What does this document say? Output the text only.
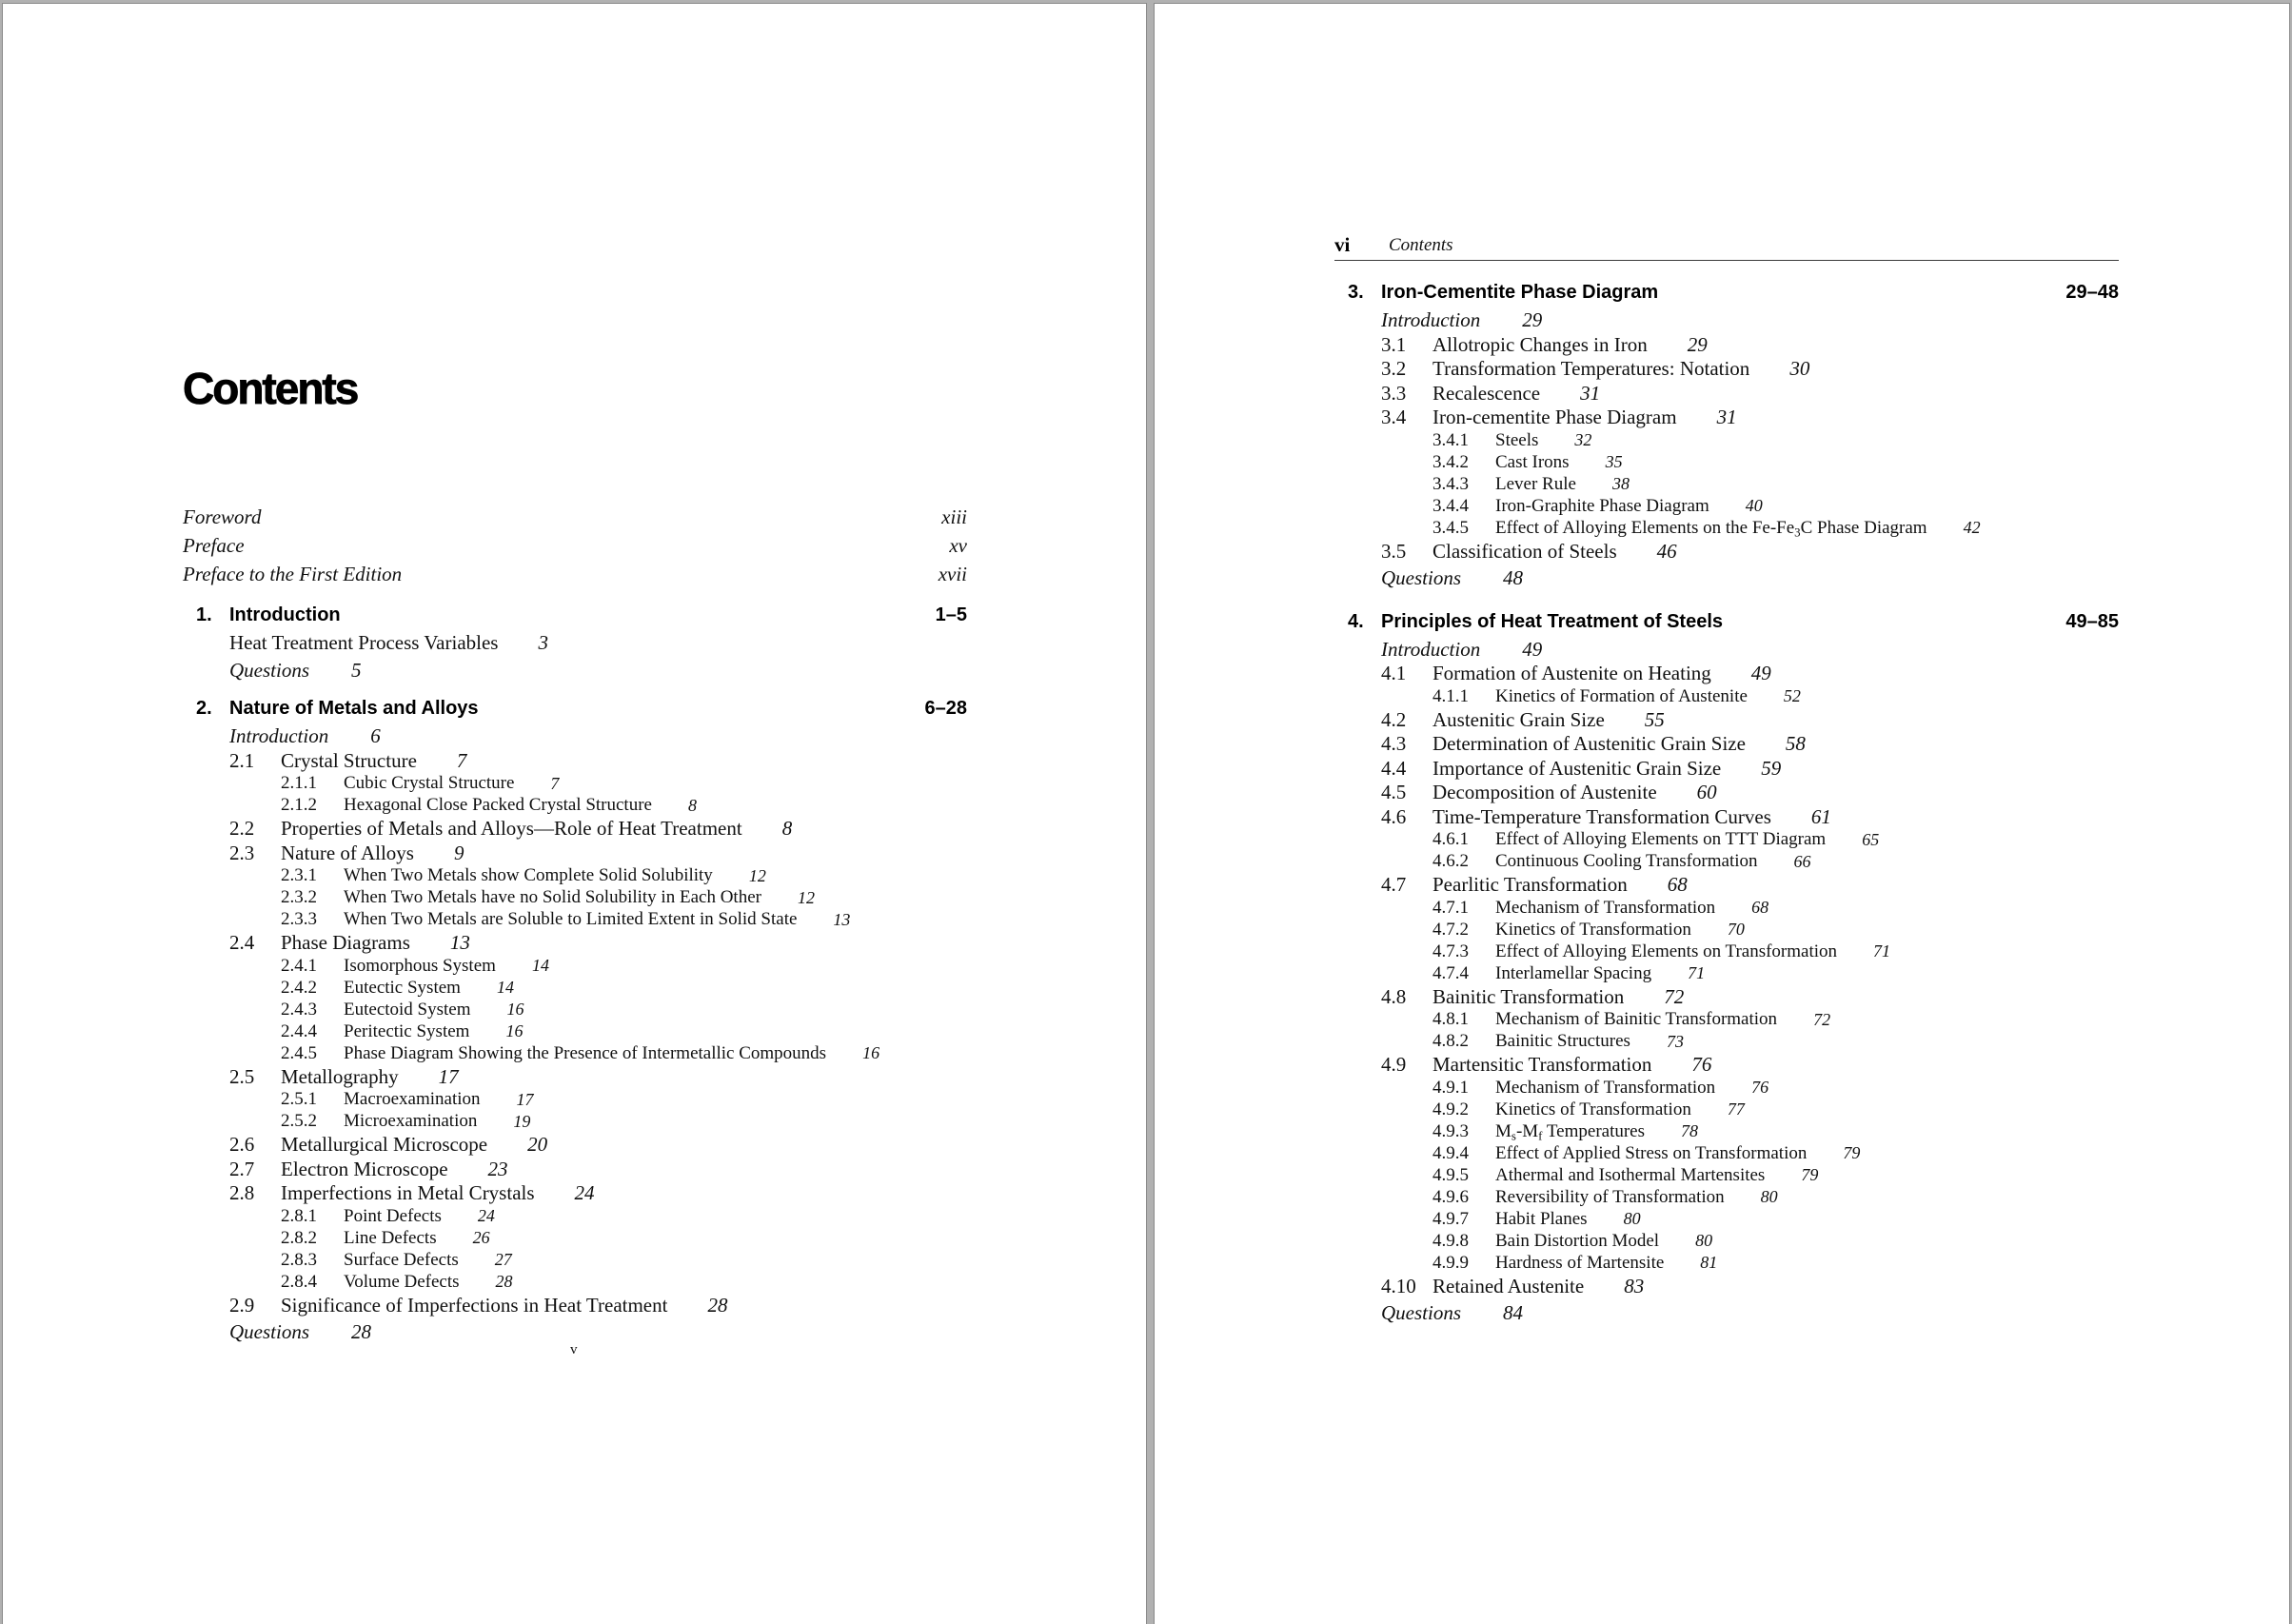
Contents
Foreword	xiii
Preface	xv
Preface to the First Edition	xvii
1. Introduction	1–5
Heat Treatment Process Variables 3
Questions 5
2. Nature of Metals and Alloys	6–28
Introduction 6
2.1	Crystal Structure 7
2.1.1	Cubic Crystal Structure 7
2.1.2	Hexagonal Close Packed Crystal Structure 8
2.2	Properties of Metals and Alloys—Role of Heat Treatment 8
2.3	Nature of Alloys 9
2.3.1	When Two Metals show Complete Solid Solubility 12
2.3.2	When Two Metals have no Solid Solubility in Each Other 12
2.3.3	When Two Metals are Soluble to Limited Extent in Solid State 13
2.4	Phase Diagrams 13
2.4.1	Isomorphous System 14
2.4.2	Eutectic System 14
2.4.3	Eutectoid System 16
2.4.4	Peritectic System 16
2.4.5	Phase Diagram Showing the Presence of Intermetallic Compounds 16
2.5	Metallography 17
2.5.1	Macroexamination 17
2.5.2	Microexamination 19
2.6	Metallurgical Microscope 20
2.7	Electron Microscope 23
2.8	Imperfections in Metal Crystals 24
2.8.1	Point Defects 24
2.8.2	Line Defects 26
2.8.3	Surface Defects 27
2.8.4	Volume Defects 28
2.9	Significance of Imperfections in Heat Treatment 28
Questions 28
v
vi	Contents
3. Iron-Cementite Phase Diagram	29–48
Introduction 29
3.1	Allotropic Changes in Iron 29
3.2	Transformation Temperatures: Notation 30
3.3	Recalescence 31
3.4	Iron-cementite Phase Diagram 31
3.4.1	Steels 32
3.4.2	Cast Irons 35
3.4.3	Lever Rule 38
3.4.4	Iron-Graphite Phase Diagram 40
3.4.5	Effect of Alloying Elements on the $Fe-Fe_3C$ Phase Diagram 42
3.5	Classification of Steels 46
Questions 48
4. Principles of Heat Treatment of Steels	49–85
Introduction 49
4.1	Formation of Austenite on Heating 49
4.1.1	Kinetics of Formation of Austenite 52
4.2	Austenitic Grain Size 55
4.3	Determination of Austenitic Grain Size 58
4.4	Importance of Austenitic Grain Size 59
4.5	Decomposition of Austenite 60
4.6	Time-Temperature Transformation Curves 61
4.6.1	Effect of Alloying Elements on TTT Diagram 65
4.6.2	Continuous Cooling Transformation 66
4.7	Pearlitic Transformation 68
4.7.1	Mechanism of Transformation 68
4.7.2	Kinetics of Transformation 70
4.7.3	Effect of Alloying Elements on Transformation 71
4.7.4	Interlamellar Spacing 71
4.8	Bainitic Transformation 72
4.8.1	Mechanism of Bainitic Transformation 72
4.8.2	Bainitic Structures 73
4.9	Martensitic Transformation 76
4.9.1	Mechanism of Transformation 76
4.9.2	Kinetics of Transformation 77
4.9.3	$M_s-M_f$ Temperatures 78
4.9.4	Effect of Applied Stress on Transformation 79
4.9.5	Athermal and Isothermal Martensites 79
4.9.6	Reversibility of Transformation 80
4.9.7	Habit Planes 80
4.9.8	Bain Distortion Model 80
4.9.9	Hardness of Martensite 81
4.10 Retained Austenite 83
Questions 84
